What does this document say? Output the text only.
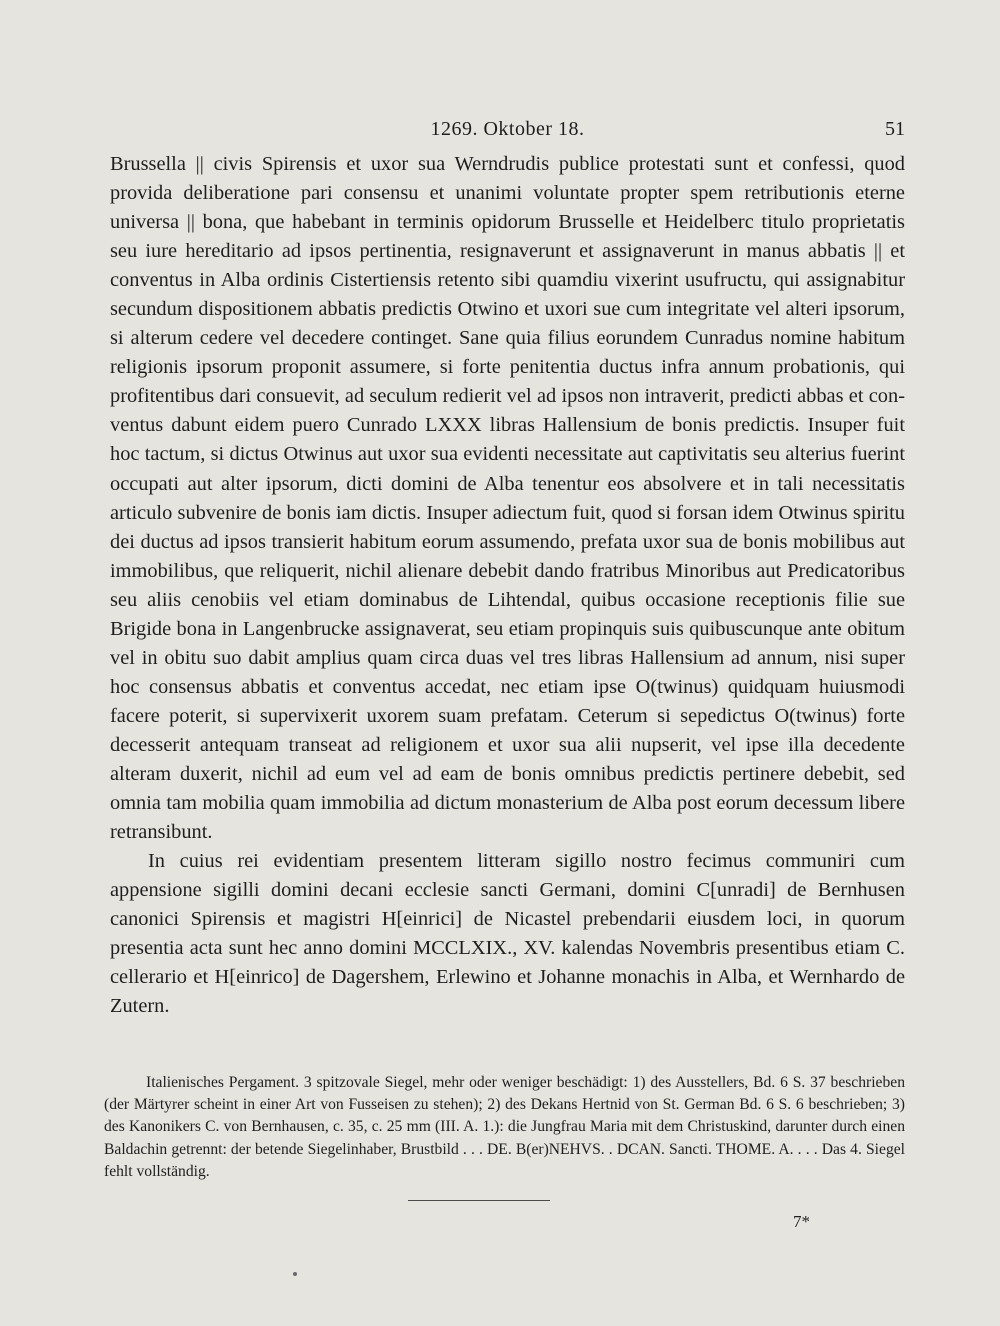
1269. Oktober 18.	51

Brussella || civis Spirensis et uxor sua Werndrudis publice protestati sunt et confessi, quod provida deliberatione pari consensu et unanimi voluntate propter spem retributionis eterne universa || bona, que habebant in terminis opidorum Brusselle et Heidelberc titulo proprietatis seu iure hereditario ad ipsos pertinentia, resignaverunt et assignaverunt in manus abbatis || et conventus in Alba ordinis Cistertiensis retento sibi quamdiu vixerint usufructu, qui assignabitur secundum dispositionem abbatis predictis Otwino et uxori sue cum integritate vel alteri ipsorum, si alterum cedere vel decedere continget. Sane quia filius eorundem Cunradus nomine habitum religionis ipsorum proponit assumere, si forte penitentia ductus infra annum probationis, qui profitentibus dari consuevit, ad seculum redierit vel ad ipsos non intraverit, predicti abbas et conventus dabunt eidem puero Cunrado LXXX libras Hallensium de bonis predictis. Insuper fuit hoc tactum, si dictus Otwinus aut uxor sua evidenti necessitate aut captivitatis seu alterius fuerint occupati aut alter ipsorum, dicti domini de Alba tenentur eos absolvere et in tali necessitatis articulo subvenire de bonis iam dictis. Insuper adiectum fuit, quod si forsan idem Otwinus spiritu dei ductus ad ipsos transierit habitum eorum assumendo, prefata uxor sua de bonis mobilibus aut immobilibus, que reliquerit, nichil alienare debebit dando fratribus Minoribus aut Predicatoribus seu aliis cenobiis vel etiam dominabus de Lihtendal, quibus occasione receptionis filie sue Brigide bona in Langenbrucke assignaverat, seu etiam propinquis suis quibuscunque ante obitum vel in obitu suo dabit amplius quam circa duas vel tres libras Hallensium ad annum, nisi super hoc consensus abbatis et conventus accedat, nec etiam ipse O(twinus) quidquam huiusmodi facere poterit, si supervixerit uxorem suam prefatam. Ceterum si sepedictus O(twinus) forte decesserit antequam transeat ad religionem et uxor sua alii nupserit, vel ipse illa decedente alteram duxerit, nichil ad eum vel ad eam de bonis omnibus predictis pertinere debebit, sed omnia tam mobilia quam immobilia ad dictum monasterium de Alba post eorum decessum libere retransibunt.

In cuius rei evidentiam presentem litteram sigillo nostro fecimus communiri cum appensione sigilli domini decani ecclesie sancti Germani, domini C[unradi] de Bernhusen canonici Spirensis et magistri H[einrici] de Nicastel prebendarii eiusdem loci, in quorum presentia acta sunt hec anno domini MCCLXIX., XV. kalendas Novembris presentibus etiam C. cellerario et H[einrico] de Dagershem, Erlewino et Johanne monachis in Alba, et Wernhardo de Zutern.

Italienisches Pergament. 3 spitzovale Siegel, mehr oder weniger beschädigt: 1) des Ausstellers, Bd. 6 S. 37 beschrieben (der Märtyrer scheint in einer Art von Fusseisen zu stehen); 2) des Dekans Hertnid von St. German Bd. 6 S. 6 beschrieben; 3) des Kanonikers C. von Bernhausen, c. 35, c. 25 mm (III. A. 1.): die Jungfrau Maria mit dem Christuskind, darunter durch einen Baldachin getrennt: der betende Siegelinhaber, Brustbild . . . DE. B(er)NEHVS. . DCAN. Sancti. THOME. A. . . . Das 4. Siegel fehlt vollständig.

7*
